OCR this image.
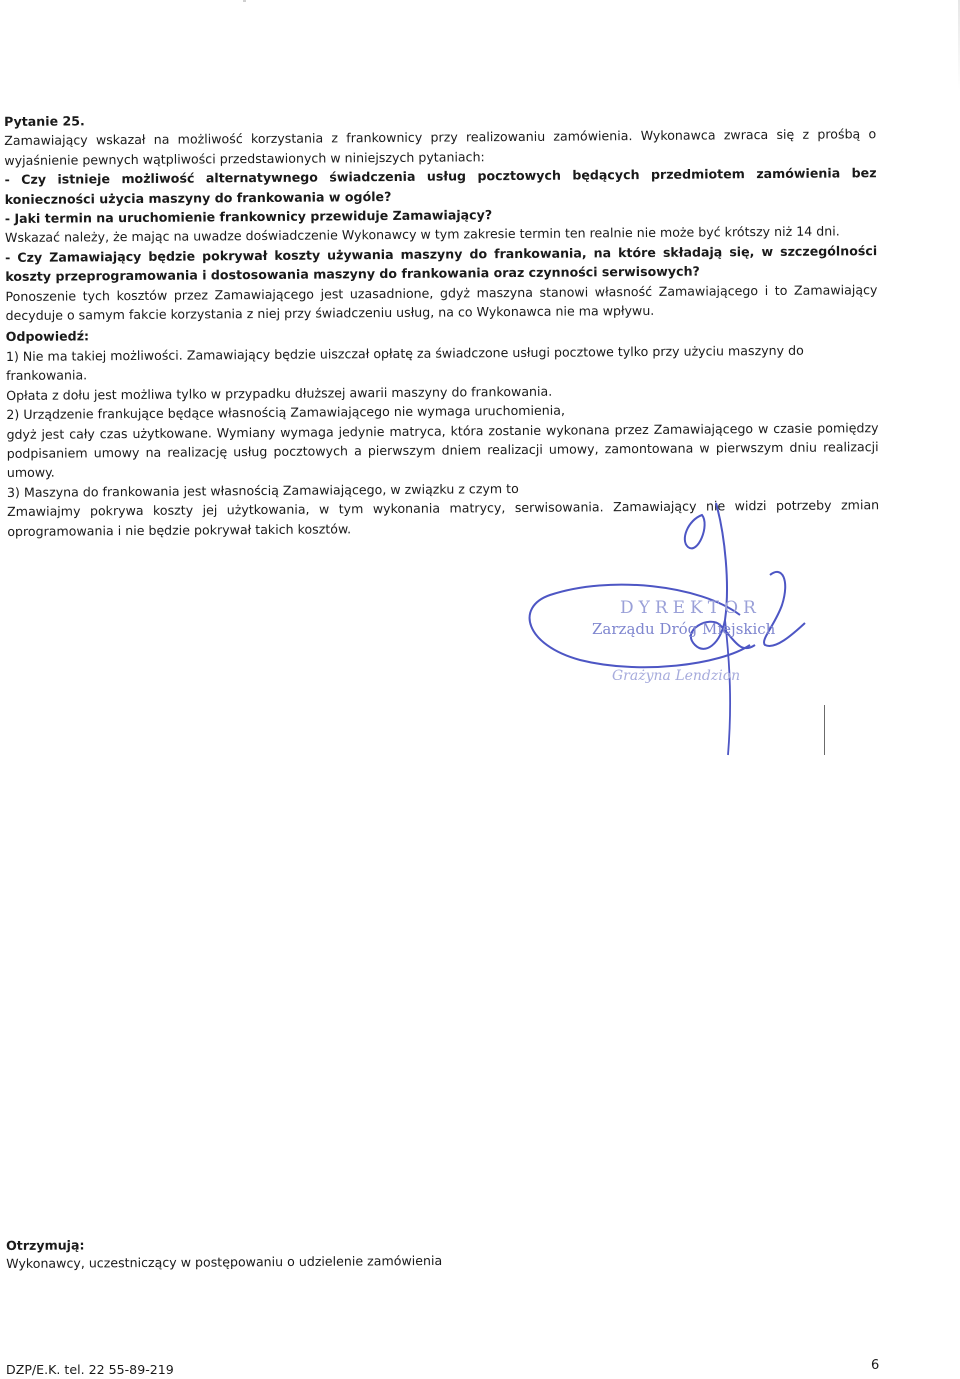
Pytanie 25.

Zamawiający wskazał na możliwość korzystania z frankownicy przy realizowaniu zamówienia. Wykonawca zwraca się z prośbą o wyjaśnienie pewnych wątpliwości przedstawionych w niniejszych pytaniach:

- Czy istnieje możliwość alternatywnego świadczenia usług pocztowych będących przedmiotem zamówienia bez konieczności użycia maszyny do frankowania w ogóle?

- Jaki termin na uruchomienie frankownicy przewiduje Zamawiający?

Wskazać należy, że mając na uwadze doświadczenie Wykonawcy w tym zakresie termin ten realnie nie może być krótszy niż 14 dni.

- Czy Zamawiający będzie pokrywał koszty używania maszyny do frankowania, na które składają się, w szczególności koszty przeprogramowania i dostosowania maszyny do frankowania oraz czynności serwisowych?

Ponoszenie tych kosztów przez Zamawiającego jest uzasadnione, gdyż maszyna stanowi własność Zamawiającego i to Zamawiający decyduje o samym fakcie korzystania z niej przy świadczeniu usług, na co Wykonawca nie ma wpływu.

Odpowiedź:

1) Nie ma takiej możliwości. Zamawiający będzie uiszczał opłatę za świadczone usługi pocztowe tylko przy użyciu maszyny do frankowania.

Opłata z dołu jest możliwa tylko w przypadku dłuższej awarii maszyny do frankowania.

2) Urządzenie frankujące będące własnością Zamawiającego nie wymaga uruchomienia,

gdyż jest cały czas użytkowane. Wymiany wymaga jedynie matryca, która zostanie wykonana przez Zamawiającego w czasie pomiędzy podpisaniem umowy na realizację usług pocztowych a pierwszym dniem realizacji umowy, zamontowana w pierwszym dniu realizacji umowy.

3) Maszyna do frankowania jest własnością Zamawiającego, w związku z czym to

Zmawiajmy pokrywa koszty jej użytkowania, w tym wykonania matrycy, serwisowania. Zamawiający nie widzi potrzeby zmian oprogramowania i nie będzie pokrywał takich kosztów.

DYREKTOR
Zarządu Dróg Miejskich
Grażyna Lendzion

Otrzymują:

Wykonawcy, uczestniczący w postępowaniu o udzielenie zamówienia

DZP/E.K. tel. 22 55-89-219	6
